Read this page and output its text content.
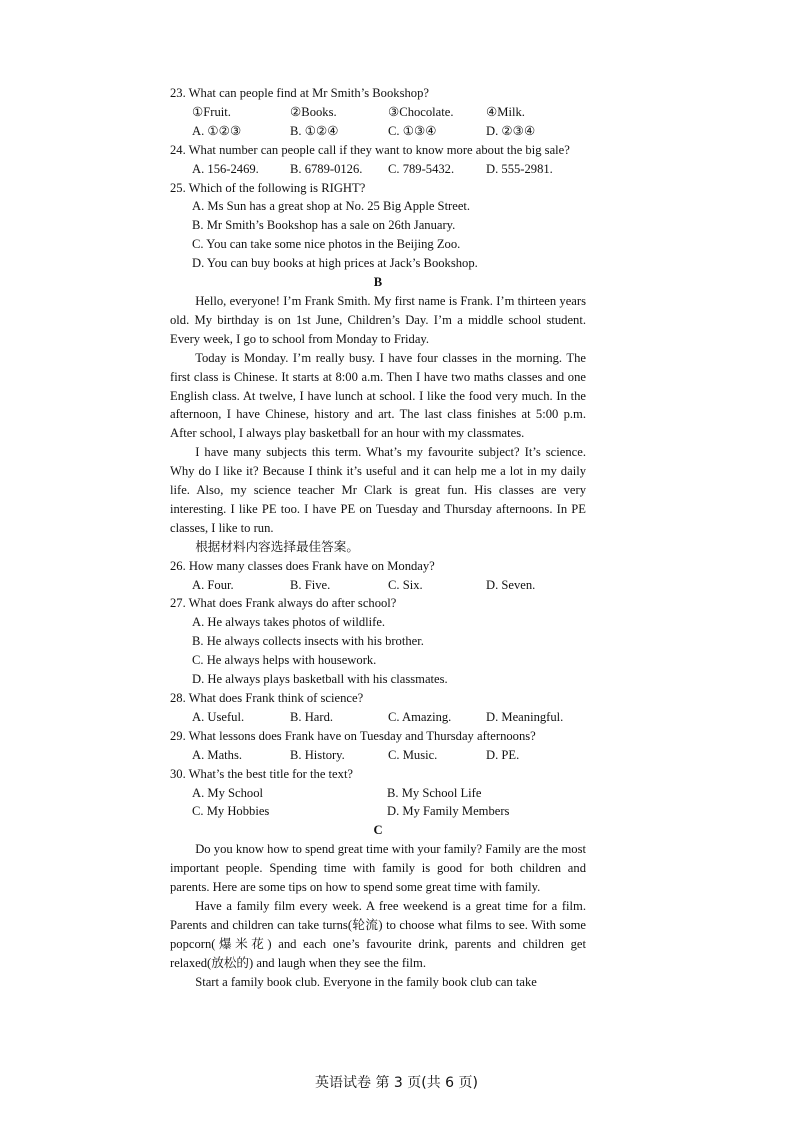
23. What can people find at Mr Smith’s Bookshop?

①Fruit.	②Books.	③Chocolate.	④Milk.
A. ①②③	B. ①②④	C. ①③④	D. ②③④

24. What number can people call if they want to know more about the big sale?

A. 156-2469.	B. 6789-0126.	C. 789-5432.	D. 555-2981.

25. Which of the following is RIGHT?

A. Ms Sun has a great shop at No. 25 Big Apple Street.
B. Mr Smith’s Bookshop has a sale on 26th January.
C. You can take some nice photos in the Beijing Zoo.
D. You can buy books at high prices at Jack’s Bookshop.

B

Hello, everyone! I’m Frank Smith. My first name is Frank. I’m thirteen years old. My birthday is on 1st June, Children’s Day. I’m a middle school student. Every week, I go to school from Monday to Friday.

Today is Monday. I’m really busy. I have four classes in the morning. The first class is Chinese. It starts at 8:00 a.m. Then I have two maths classes and one English class. At twelve, I have lunch at school. I like the food very much. In the afternoon, I have Chinese, history and art. The last class finishes at 5:00 p.m. After school, I always play basketball for an hour with my classmates.

I have many subjects this term. What’s my favourite subject? It’s science. Why do I like it? Because I think it’s useful and it can help me a lot in my daily life. Also, my science teacher Mr Clark is great fun. His classes are very interesting. I like PE too. I have PE on Tuesday and Thursday afternoons. In PE classes, I like to run.

根据材料内容选择最佳答案。

26. How many classes does Frank have on Monday?

A. Four.	B. Five.	C. Six.	D. Seven.

27. What does Frank always do after school?

A. He always takes photos of wildlife.
B. He always collects insects with his brother.
C. He always helps with housework.
D. He always plays basketball with his classmates.

28. What does Frank think of science?

A. Useful.	B. Hard.	C. Amazing.	D. Meaningful.

29. What lessons does Frank have on Tuesday and Thursday afternoons?

A. Maths.	B. History.	C. Music.	D. PE.

30. What’s the best title for the text?

A. My School	B. My School Life
C. My Hobbies	D. My Family Members

C

Do you know how to spend great time with your family? Family are the most important people. Spending time with family is good for both children and parents. Here are some tips on how to spend some great time with family.

Have a family film every week. A free weekend is a great time for a film. Parents and children can take turns(轮流) to choose what films to see. With some popcorn(爆米花) and each one’s favourite drink, parents and children get relaxed(放松的) and laugh when they see the film.

Start a family book club. Everyone in the family book club can take

英语试卷 第 3 页(共 6 页)
